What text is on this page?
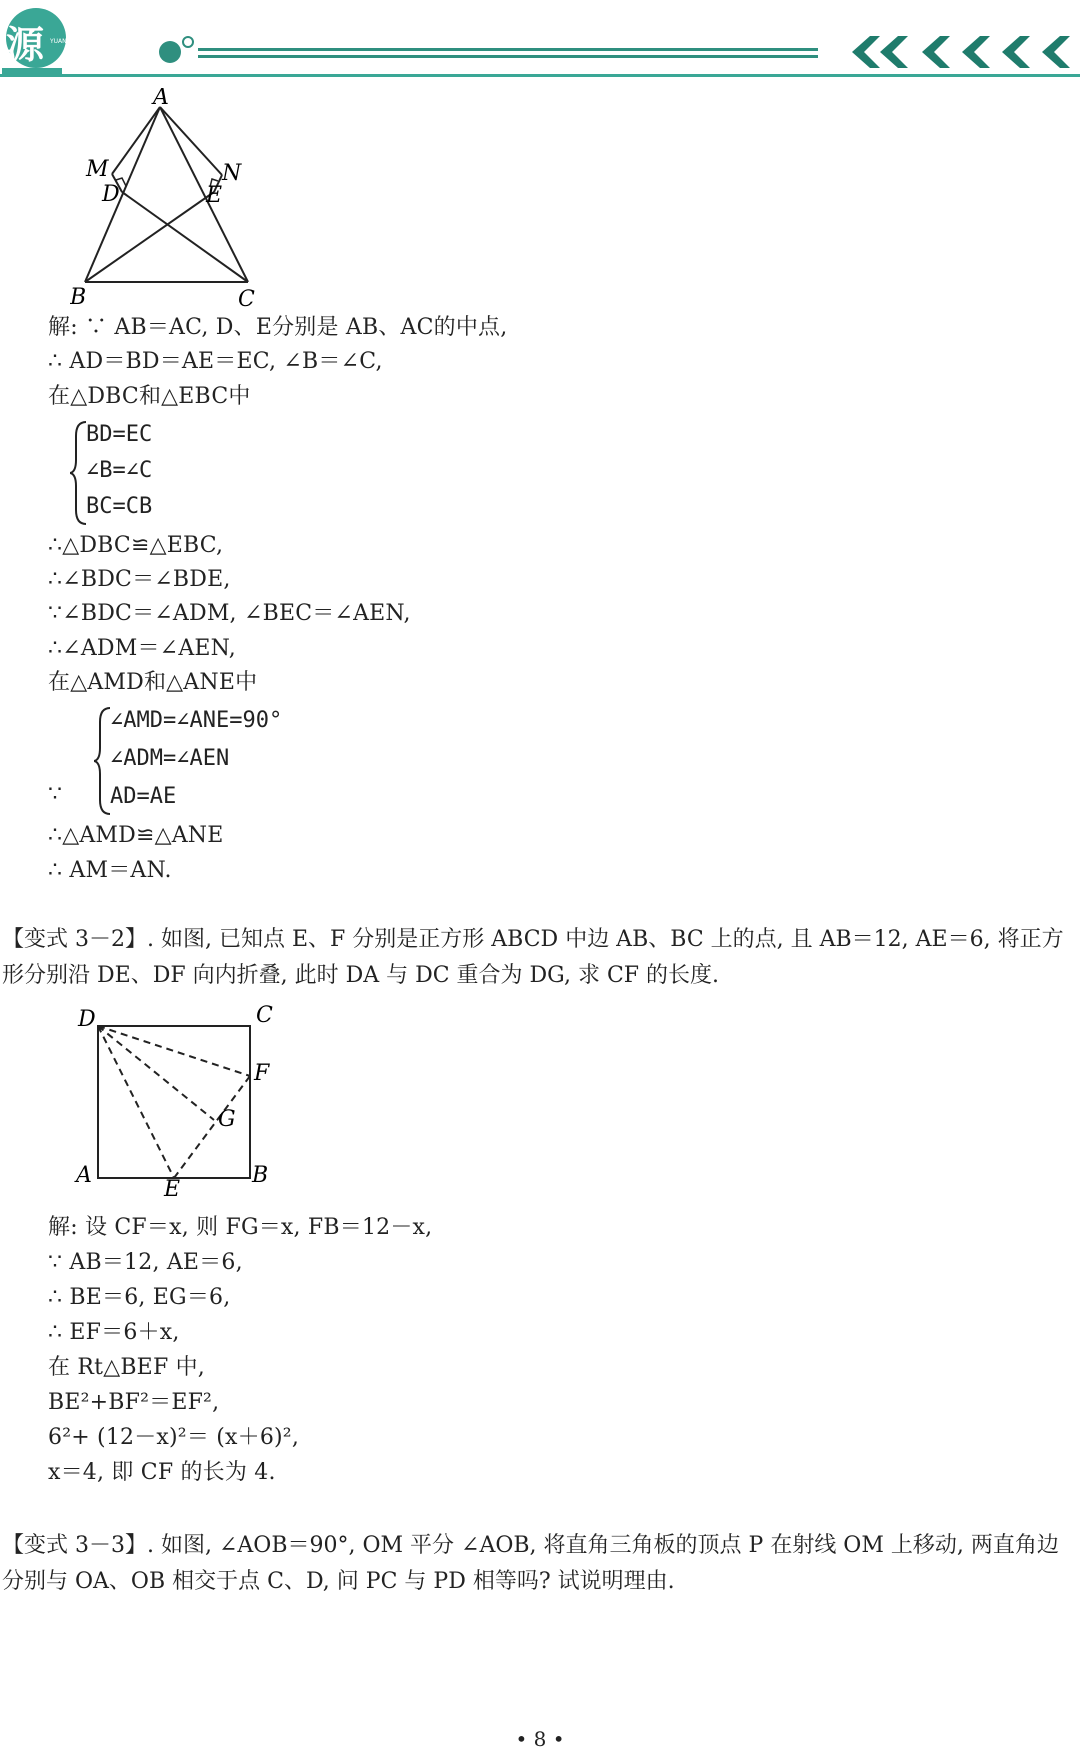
源 YUAN
A
M
D
N
E
B	C
解: ∵ AB＝AC, D、E分别是 AB、AC的中点,
∴ AD＝BD＝AE＝EC, ∠B＝∠C,
在△DBC和△EBC中
BD=EC
∠B=∠C
BC=CB
∴△DBC≌△EBC,
∴∠BDC＝∠BDE,
∵∠BDC＝∠ADM, ∠BEC＝∠AEN,
∴∠ADM＝∠AEN,
在△AMD和△ANE中
∵
∠AMD=∠ANE=90°
∠ADM=∠AEN
AD=AE
∴△AMD≌△ANE
∴ AM＝AN.
【变式 3－2】. 如图, 已知点 E、F 分别是正方形 ABCD 中边 AB、BC 上的点, 且 AB＝12, AE＝6, 将正方形分别沿 DE、DF 向内折叠, 此时 DA 与 DC 重合为 DG, 求 CF 的长度.
D	C
F
G
A
E
B
解: 设 CF＝x, 则 FG＝x, FB＝12－x,
∵ AB＝12, AE＝6,
∴ BE＝6, EG＝6,
∴ EF＝6＋x,
在 Rt△BEF 中,
BE²+BF²＝EF²,
6²+ (12－x)²＝ (x＋6)²,
x＝4, 即 CF 的长为 4.
【变式 3－3】. 如图, ∠AOB＝90°, OM 平分 ∠AOB, 将直角三角板的顶点 P 在射线 OM 上移动, 两直角边分别与 OA、OB 相交于点 C、D, 问 PC 与 PD 相等吗? 试说明理由.
• 8 •
